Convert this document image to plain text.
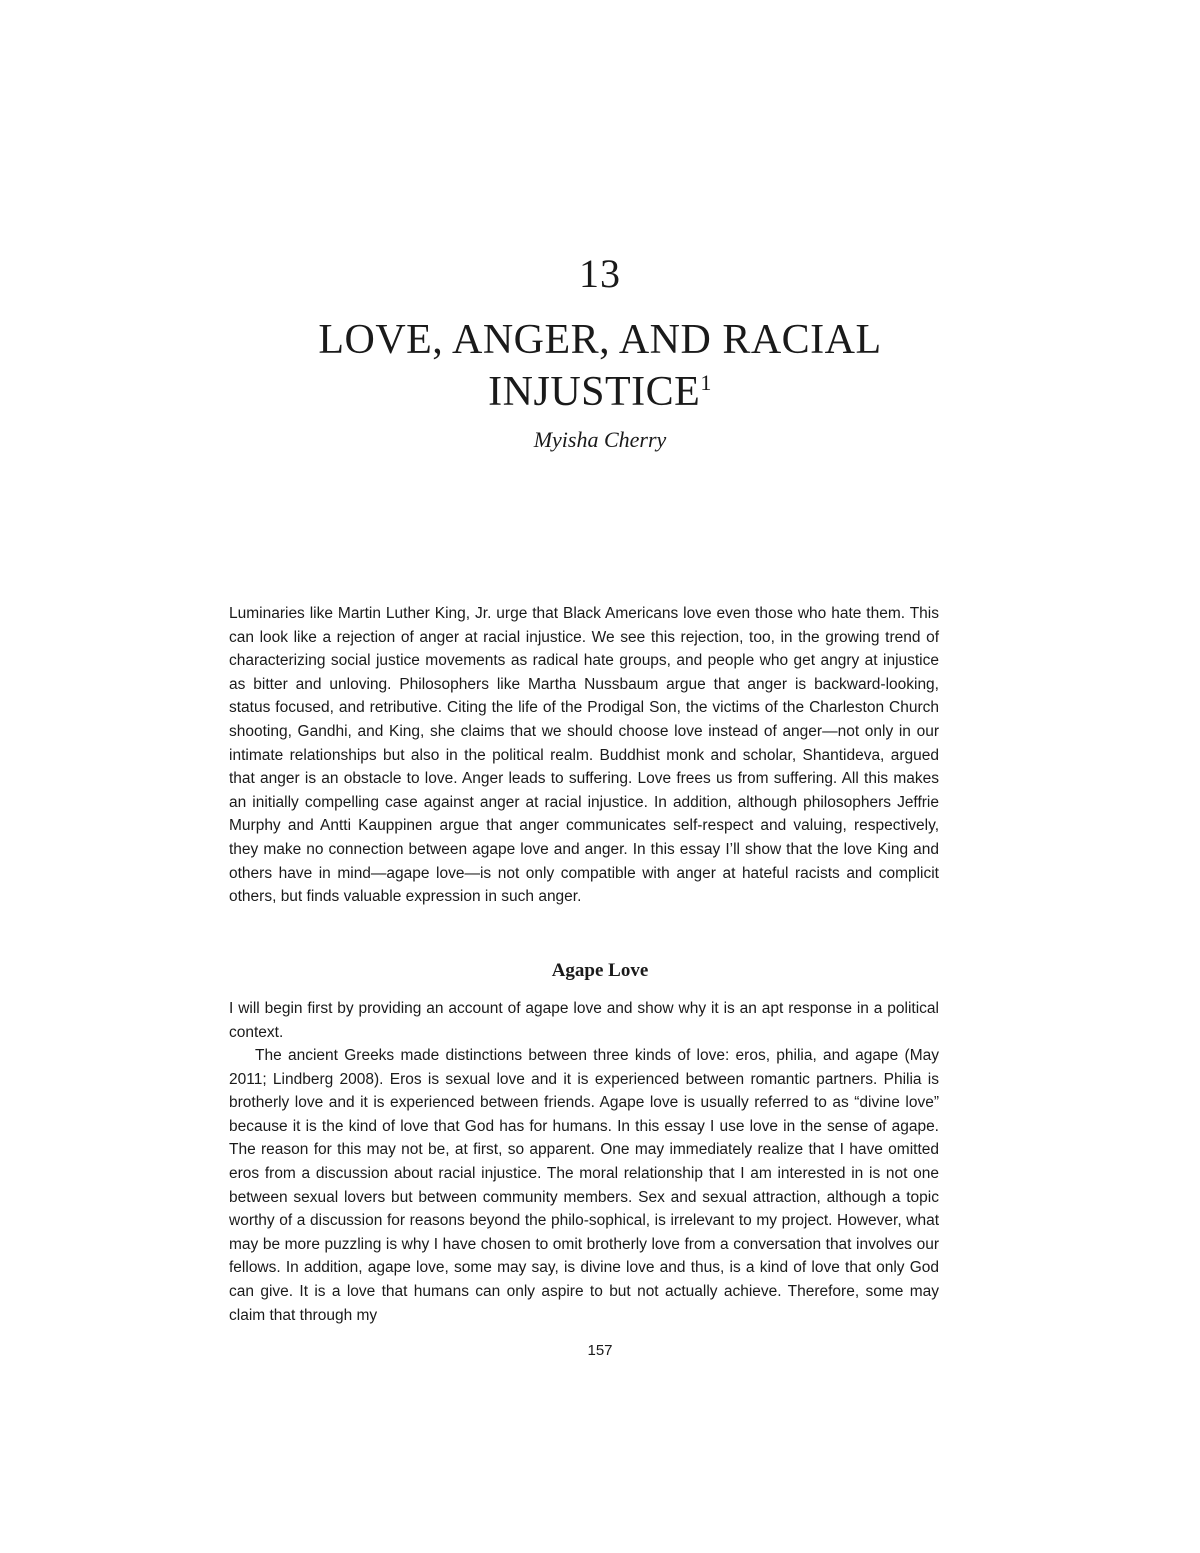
13
LOVE, ANGER, AND RACIAL INJUSTICE$^1$
Myisha Cherry

Luminaries like Martin Luther King, Jr. urge that Black Americans love even those who hate them. This can look like a rejection of anger at racial injustice. We see this rejection, too, in the growing trend of characterizing social justice movements as radical hate groups, and people who get angry at injustice as bitter and unloving. Philosophers like Martha Nussbaum argue that anger is backward-looking, status focused, and retributive. Citing the life of the Prodigal Son, the victims of the Charleston Church shooting, Gandhi, and King, she claims that we should choose love instead of anger—not only in our intimate relationships but also in the political realm. Buddhist monk and scholar, Shantideva, argued that anger is an obstacle to love. Anger leads to suffering. Love frees us from suffering. All this makes an initially compelling case against anger at racial injustice. In addition, although philosophers Jeffrie Murphy and Antti Kauppinen argue that anger communicates self-respect and valuing, respectively, they make no connection between agape love and anger. In this essay I’ll show that the love King and others have in mind—agape love—is not only compatible with anger at hateful racists and complicit others, but finds valuable expression in such anger.

Agape Love

I will begin first by providing an account of agape love and show why it is an apt response in a political context.

The ancient Greeks made distinctions between three kinds of love: eros, philia, and agape (May 2011; Lindberg 2008). Eros is sexual love and it is experienced between romantic partners. Philia is brotherly love and it is experienced between friends. Agape love is usually referred to as “divine love” because it is the kind of love that God has for humans. In this essay I use love in the sense of agape. The reason for this may not be, at first, so apparent. One may immediately realize that I have omitted eros from a discussion about racial injustice. The moral relationship that I am interested in is not one between sexual lovers but between community members. Sex and sexual attraction, although a topic worthy of a discussion for reasons beyond the philo-sophical, is irrelevant to my project. However, what may be more puzzling is why I have chosen to omit brotherly love from a conversation that involves our fellows. In addition, agape love, some may say, is divine love and thus, is a kind of love that only God can give. It is a love that humans can only aspire to but not actually achieve. Therefore, some may claim that through my

157
